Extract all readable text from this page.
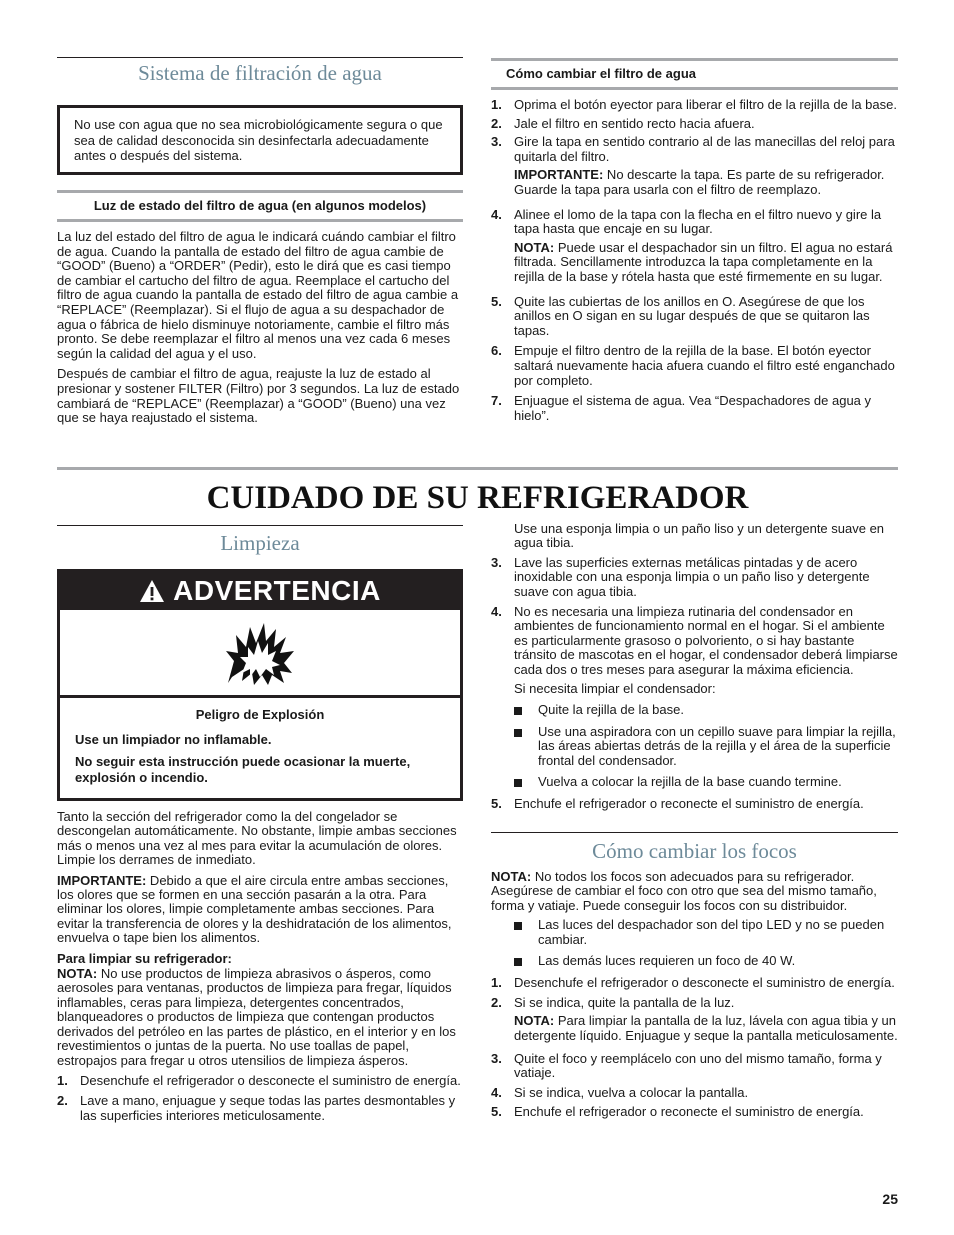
Sistema de filtración de agua
No use con agua que no sea microbiológicamente segura o que sea de calidad desconocida sin desinfectarla adecuadamente antes o después del sistema.
Luz de estado del filtro de agua (en algunos modelos)

La luz del estado del filtro de agua le indicará cuándo cambiar el filtro de agua. Cuando la pantalla de estado del filtro de agua cambie de “GOOD” (Bueno) a “ORDER” (Pedir), esto le dirá que es casi tiempo de cambiar el cartucho del filtro de agua. Reemplace el cartucho del filtro de agua cuando la pantalla de estado del filtro de agua cambie a “REPLACE” (Reemplazar). Si el flujo de agua a su despachador de agua o fábrica de hielo disminuye notoriamente, cambie el filtro más pronto. Se debe reemplazar el filtro al menos una vez cada 6 meses según la calidad del agua y el uso.

Después de cambiar el filtro de agua, reajuste la luz de estado al presionar y sostener FILTER (Filtro) por 3 segundos. La luz de estado cambiará de “REPLACE” (Reemplazar) a “GOOD” (Bueno) una vez que se haya reajustado el sistema.

Cómo cambiar el filtro de agua
1. Oprima el botón eyector para liberar el filtro de la rejilla de la base.
2. Jale el filtro en sentido recto hacia afuera.
3. Gire la tapa en sentido contrario al de las manecillas del reloj para quitarla del filtro.
IMPORTANTE: No descarte la tapa. Es parte de su refrigerador. Guarde la tapa para usarla con el filtro de reemplazo.
4. Alinee el lomo de la tapa con la flecha en el filtro nuevo y gire la tapa hasta que encaje en su lugar.
NOTA: Puede usar el despachador sin un filtro. El agua no estará filtrada. Sencillamente introduzca la tapa completamente en la rejilla de la base y rótela hasta que esté firmemente en su lugar.
5. Quite las cubiertas de los anillos en O. Asegúrese de que los anillos en O sigan en su lugar después de que se quitaron las tapas.
6. Empuje el filtro dentro de la rejilla de la base. El botón eyector saltará nuevamente hacia afuera cuando el filtro esté enganchado por completo.
7. Enjuague el sistema de agua. Vea “Despachadores de agua y hielo”.
CUIDADO DE SU REFRIGERADOR
Limpieza
ADVERTENCIA
Peligro de Explosión
Use un limpiador no inflamable.
No seguir esta instrucción puede ocasionar la muerte, explosión o incendio.

Tanto la sección del refrigerador como la del congelador se descongelan automáticamente. No obstante, limpie ambas secciones más o menos una vez al mes para evitar la acumulación de olores. Limpie los derrames de inmediato.

IMPORTANTE: Debido a que el aire circula entre ambas secciones, los olores que se formen en una sección pasarán a la otra. Para eliminar los olores, limpie completamente ambas secciones. Para evitar la transferencia de olores y la deshidratación de los alimentos, envuelva o tape bien los alimentos.

Para limpiar su refrigerador:

NOTA: No use productos de limpieza abrasivos o ásperos, como aerosoles para ventanas, productos de limpieza para fregar, líquidos inflamables, ceras para limpieza, detergentes concentrados, blanqueadores o productos de limpieza que contengan productos derivados del petróleo en las partes de plástico, en el interior y en los revestimientos o juntas de la puerta. No use toallas de papel, estropajos para fregar u otros utensilios de limpieza ásperos.

1. Desenchufe el refrigerador o desconecte el suministro de energía.
2. Lave a mano, enjuague y seque todas las partes desmontables y las superficies interiores meticulosamente.
Use una esponja limpia o un paño liso y un detergente suave en agua tibia.
3. Lave las superficies externas metálicas pintadas y de acero inoxidable con una esponja limpia o un paño liso y detergente suave con agua tibia.
4. No es necesaria una limpieza rutinaria del condensador en ambientes de funcionamiento normal en el hogar. Si el ambiente es particularmente grasoso o polvoriento, o si hay bastante tránsito de mascotas en el hogar, el condensador deberá limpiarse cada dos o tres meses para asegurar la máxima eficiencia.
Si necesita limpiar el condensador:
Quite la rejilla de la base.
Use una aspiradora con un cepillo suave para limpiar la rejilla, las áreas abiertas detrás de la rejilla y el área de la superficie frontal del condensador.
Vuelva a colocar la rejilla de la base cuando termine.
5. Enchufe el refrigerador o reconecte el suministro de energía.
Cómo cambiar los focos

NOTA: No todos los focos son adecuados para su refrigerador. Asegúrese de cambiar el foco con otro que sea del mismo tamaño, forma y vatiaje. Puede conseguir los focos con su distribuidor.

Las luces del despachador son del tipo LED y no se pueden cambiar.
Las demás luces requieren un foco de 40 W.
1. Desenchufe el refrigerador o desconecte el suministro de energía.
2. Si se indica, quite la pantalla de la luz.
NOTA: Para limpiar la pantalla de la luz, lávela con agua tibia y un detergente líquido. Enjuague y seque la pantalla meticulosamente.
3. Quite el foco y reemplácelo con uno del mismo tamaño, forma y vatiaje.
4. Si se indica, vuelva a colocar la pantalla.
5. Enchufe el refrigerador o reconecte el suministro de energía.
25
